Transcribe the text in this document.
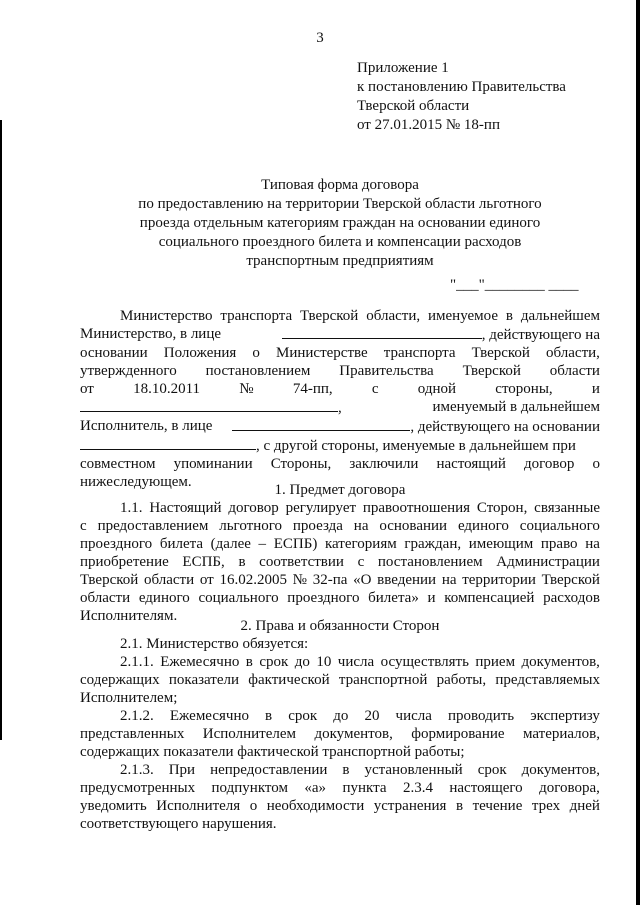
3
Приложение 1
к постановлению Правительства
Тверской области
от 27.01.2015 № 18-пп
Типовая форма договора
по предоставлению на территории Тверской области льготного
проезда отдельным категориям граждан на основании единого
социального проездного билета и компенсации расходов
транспортным предприятиям
"___"________ ____
Министерство транспорта Тверской области, именуемое в дальнейшем
Министерство, в лице	, действующего на
основании Положения о Министерстве транспорта Тверской области,
утвержденного постановлением Правительства Тверской области
от	18.10.2011	№	74-пп,	с	одной	стороны,	и
,	именуемый в дальнейшем
Исполнитель, в лице	, действующего на основании
, с другой стороны, именуемые в дальнейшем при
совместном упоминании Стороны, заключили настоящий договор о
нижеследующем.	1. Предмет договора
1.1. Настоящий договор регулирует правоотношения Сторон, связанные
с предоставлением льготного проезда на основании единого социального
проездного билета (далее – ЕСПБ) категориям граждан, имеющим право на
приобретение ЕСПБ, в соответствии с постановлением Администрации
Тверской области от 16.02.2005 № 32-па «О введении на территории Тверской
области единого социального проездного билета» и компенсацией расходов
Исполнителям.
2. Права и обязанности Сторон
2.1. Министерство обязуется:
2.1.1. Ежемесячно в срок до 10 числа осуществлять прием документов,
содержащих показатели фактической транспортной работы, представляемых
Исполнителем;
2.1.2. Ежемесячно в срок до 20 числа проводить экспертизу
представленных Исполнителем документов, формирование материалов,
содержащих показатели фактической транспортной работы;
2.1.3. При непредоставлении в установленный срок документов,
предусмотренных подпунктом «а» пункта 2.3.4 настоящего договора,
уведомить Исполнителя о необходимости устранения в течение трех дней
соответствующего нарушения.
